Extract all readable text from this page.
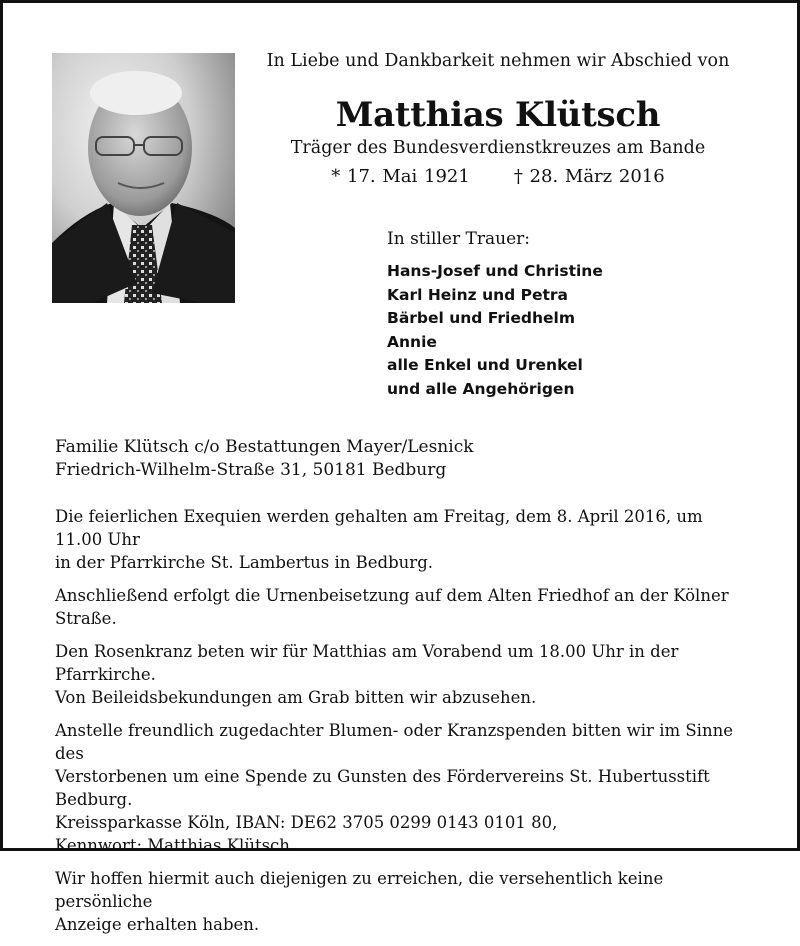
In Liebe und Dankbarkeit nehmen wir Abschied von
Matthias Klütsch
Träger des Bundesverdienstkreuzes am Bande
* 17. Mai 1921 † 28. März 2016
In stiller Trauer:
Hans-Josef und Christine
Karl Heinz und Petra
Bärbel und Friedhelm
Annie
alle Enkel und Urenkel
und alle Angehörigen
Familie Klütsch c/o Bestattungen Mayer/Lesnick
Friedrich-Wilhelm-Straße 31, 50181 Bedburg

Die feierlichen Exequien werden gehalten am Freitag, dem 8. April 2016, um 11.00 Uhr
in der Pfarrkirche St. Lambertus in Bedburg.

Anschließend erfolgt die Urnenbeisetzung auf dem Alten Friedhof an der Kölner Straße.

Den Rosenkranz beten wir für Matthias am Vorabend um 18.00 Uhr in der Pfarrkirche.
Von Beileidsbekundungen am Grab bitten wir abzusehen.

Anstelle freundlich zugedachter Blumen- oder Kranzspenden bitten wir im Sinne des
Verstorbenen um eine Spende zu Gunsten des Fördervereins St. Hubertusstift Bedburg.
Kreissparkasse Köln, IBAN: DE62 3705 0299 0143 0101 80,
Kennwort: Matthias Klütsch.

Wir hoffen hiermit auch diejenigen zu erreichen, die versehentlich keine persönliche
Anzeige erhalten haben.
